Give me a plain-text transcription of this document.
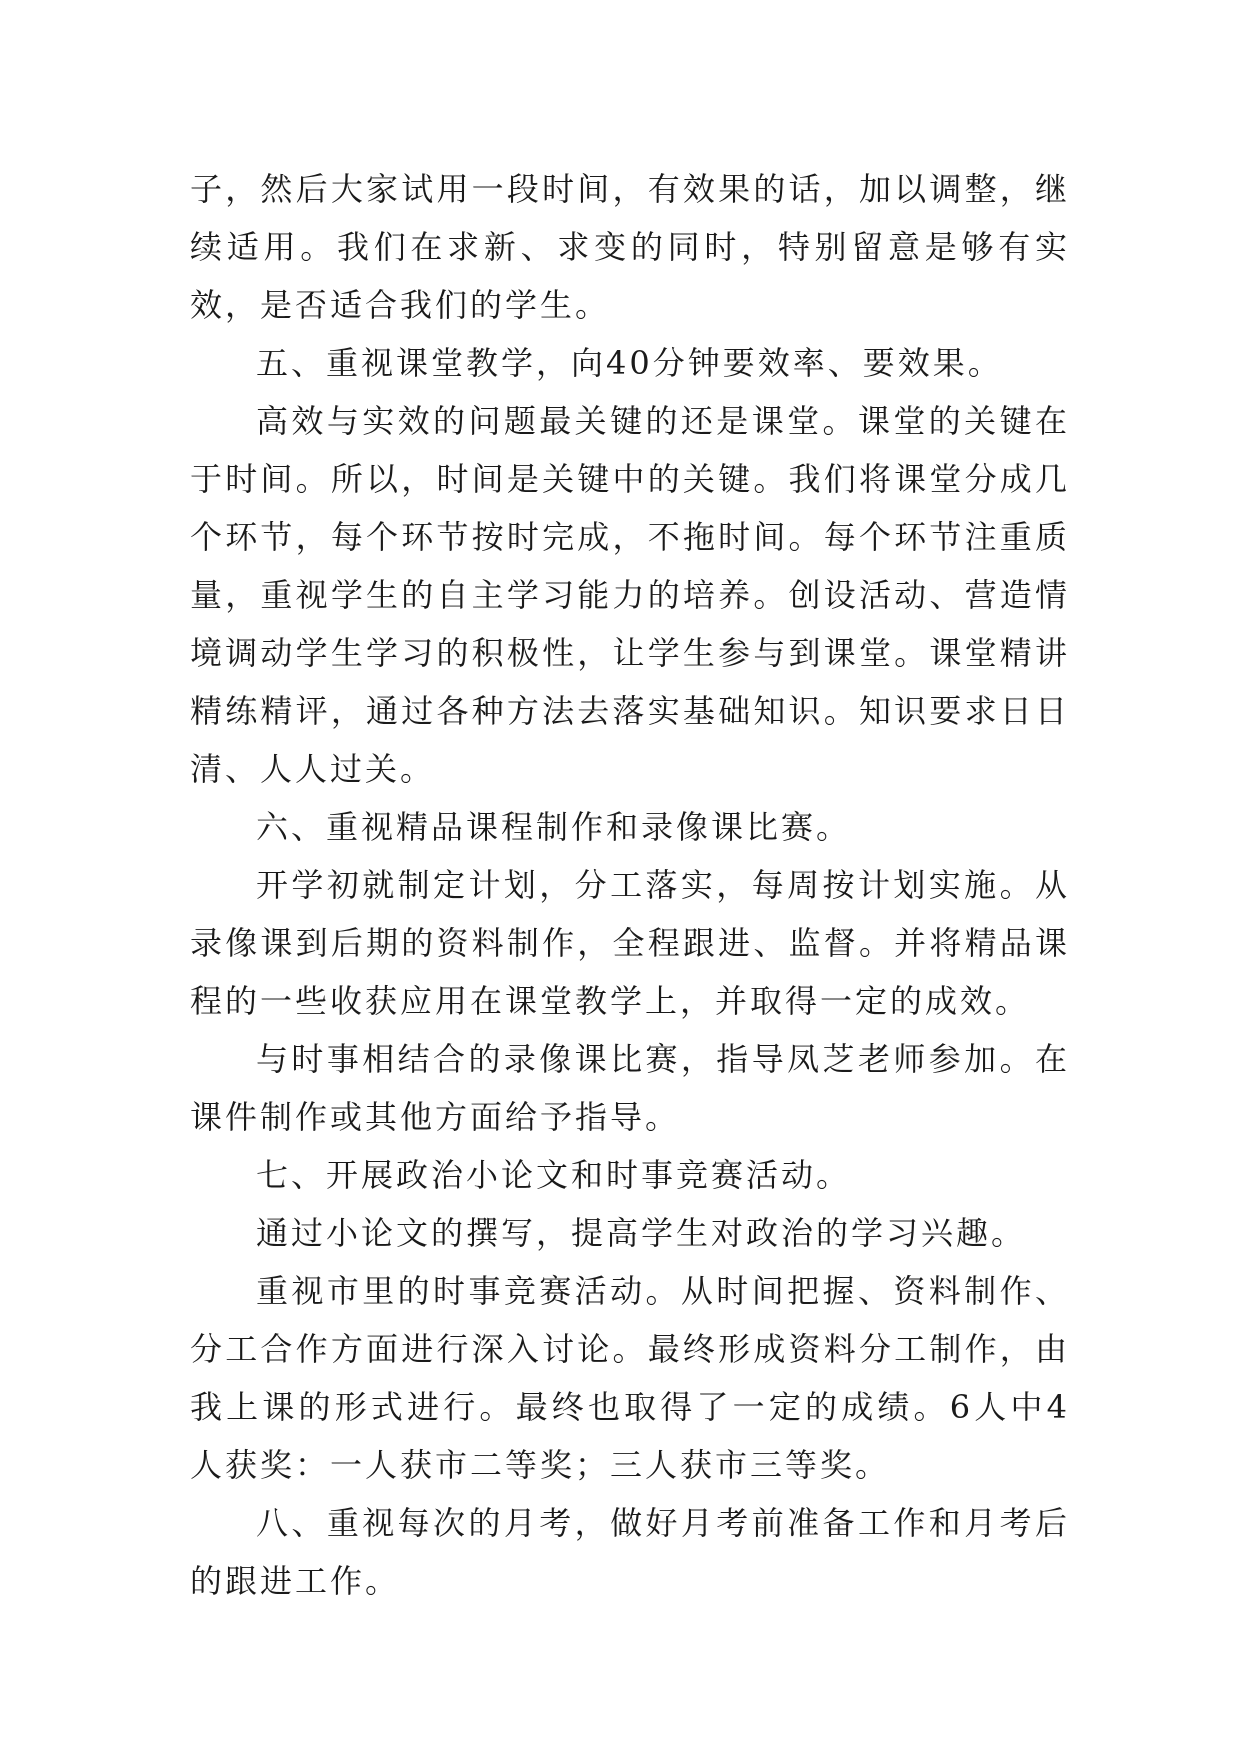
子，然后大家试用一段时间，有效果的话，加以调整，继续适用。我们在求新、求变的同时，特别留意是够有实效，是否适合我们的学生。

五、重视课堂教学，向40分钟要效率、要效果。

高效与实效的问题最关键的还是课堂。课堂的关键在于时间。所以，时间是关键中的关键。我们将课堂分成几个环节，每个环节按时完成，不拖时间。每个环节注重质量，重视学生的自主学习能力的培养。创设活动、营造情境调动学生学习的积极性，让学生参与到课堂。课堂精讲精练精评，通过各种方法去落实基础知识。知识要求日日清、人人过关。

六、重视精品课程制作和录像课比赛。

开学初就制定计划，分工落实，每周按计划实施。从录像课到后期的资料制作，全程跟进、监督。并将精品课程的一些收获应用在课堂教学上，并取得一定的成效。

与时事相结合的录像课比赛，指导凤芝老师参加。在课件制作或其他方面给予指导。

七、开展政治小论文和时事竞赛活动。

通过小论文的撰写，提高学生对政治的学习兴趣。

重视市里的时事竞赛活动。从时间把握、资料制作、分工合作方面进行深入讨论。最终形成资料分工制作，由我上课的形式进行。最终也取得了一定的成绩。6人中4人获奖：一人获市二等奖；三人获市三等奖。

八、重视每次的月考，做好月考前准备工作和月考后的跟进工作。
